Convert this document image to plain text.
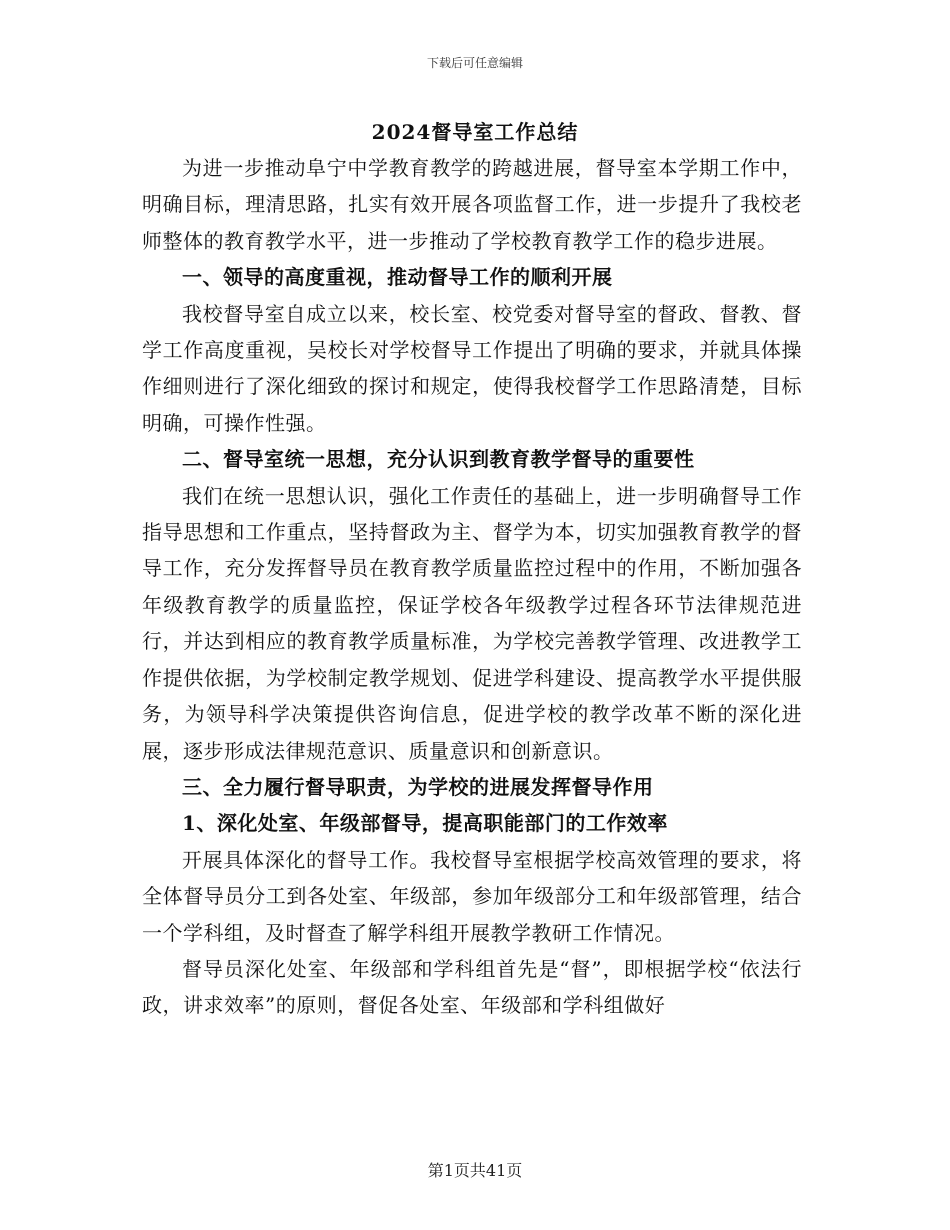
下载后可任意编辑
2024督导室工作总结

为进一步推动阜宁中学教育教学的跨越进展，督导室本学期工作中，明确目标，理清思路，扎实有效开展各项监督工作，进一步提升了我校老师整体的教育教学水平，进一步推动了学校教育教学工作的稳步进展。

一、领导的高度重视，推动督导工作的顺利开展

我校督导室自成立以来，校长室、校党委对督导室的督政、督教、督学工作高度重视，吴校长对学校督导工作提出了明确的要求，并就具体操作细则进行了深化细致的探讨和规定，使得我校督学工作思路清楚，目标明确，可操作性强。

二、督导室统一思想，充分认识到教育教学督导的重要性

我们在统一思想认识，强化工作责任的基础上，进一步明确督导工作指导思想和工作重点，坚持督政为主、督学为本，切实加强教育教学的督导工作，充分发挥督导员在教育教学质量监控过程中的作用，不断加强各年级教育教学的质量监控，保证学校各年级教学过程各环节法律规范进行，并达到相应的教育教学质量标准，为学校完善教学管理、改进教学工作提供依据，为学校制定教学规划、促进学科建设、提高教学水平提供服务，为领导科学决策提供咨询信息，促进学校的教学改革不断的深化进展，逐步形成法律规范意识、质量意识和创新意识。

三、全力履行督导职责，为学校的进展发挥督导作用

1、深化处室、年级部督导，提高职能部门的工作效率

开展具体深化的督导工作。我校督导室根据学校高效管理的要求，将全体督导员分工到各处室、年级部，参加年级部分工和年级部管理，结合一个学科组，及时督查了解学科组开展教学教研工作情况。

督导员深化处室、年级部和学科组首先是“督”，即根据学校“依法行政，讲求效率”的原则，督促各处室、年级部和学科组做好

第1页共41页
